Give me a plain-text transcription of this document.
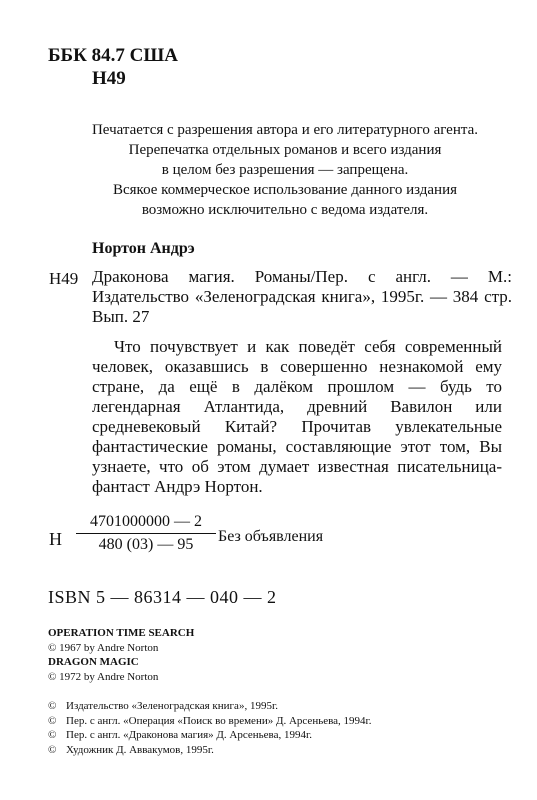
ББК 84.7 США
Н49
Печатается с разрешения автора и его литературного агента.
Перепечатка отдельных романов и всего издания
в целом без разрешения — запрещена.
Всякое коммерческое использование данного издания
возможно исключительно с ведома издателя.
Нортон Андрэ
Н49 Драконова магия. Романы/Пер. с англ. — М.: Издательство «Зеленоградская книга», 1995г. — 384 стр. Вып. 27
Что почувствует и как поведёт себя современный человек, оказавшись в совершенно незнакомой ему стране, да ещё в далёком прошлом — будь то легендарная Атлантида, древний Вавилон или средневековый Китай? Прочитав увлекательные фантастические романы, составляющие этот том, Вы узнаете, что об этом думает известная писательница-фантаст Андрэ Нортон.
Н $\frac{4701000000 — 2}{480 (03) — 95}$ Без объявления
ISBN 5 — 86314 — 040 — 2
OPERATION TIME SEARCH
© 1967 by Andre Norton
DRAGON MAGIC
© 1972 by Andre Norton
© Издательство «Зеленоградская книга», 1995г.
© Пер. с англ. «Операция «Поиск во времени» Д. Арсеньева, 1994г.
© Пер. с англ. «Драконова магия» Д. Арсеньева, 1994г.
© Художник Д. Аввакумов, 1995г.
